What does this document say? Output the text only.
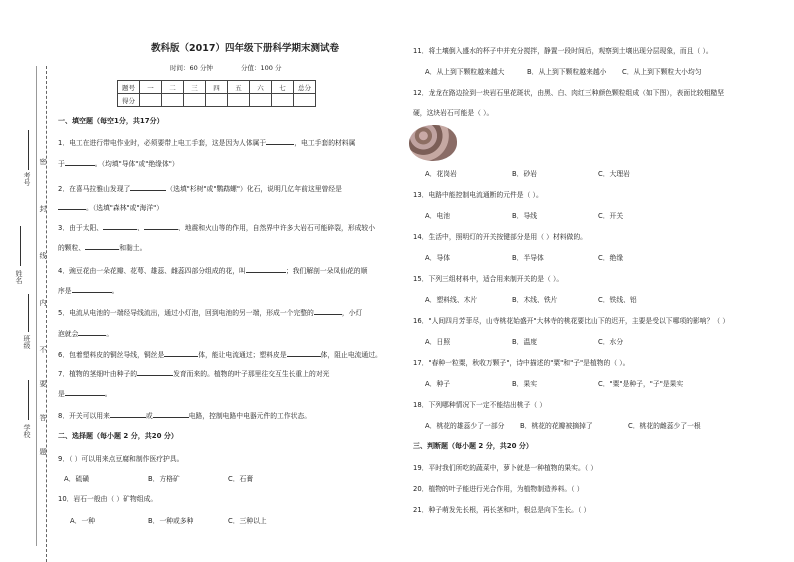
考号
姓名
班级
学校
密
封
线
内
不
要
答
题
教科版（2017）四年级下册科学期末测试卷
时间：60 分钟	分值：100 分
题号	一	二	三	四	五	六	七	总分
得分								
一、填空题（每空1分，共17分）
1．电工在进行带电作业时，必须要带上电工手套，这是因为人体属于	，电工手套的材料属
于	。（均填"导体"或"绝缘体"）
2．在喜马拉雅山发现了	（选填"杉树"或"鹦鹉螺"）化石，说明几亿年前这里曾经是
。（选填"森林"或"海洋"）
3．由于太阳、	、	、地震和火山等的作用，自然界中许多大岩石可能碎裂，形成较小
的颗粒、	和黏土。
4．豌豆花由一朵花瓣、花萼、雄蕊、雌蕊四部分组成的花，叫	；我们解剖一朵凤仙花的顺
序是	。
5．电流从电池的一端经导线流出，通过小灯泡，回到电池的另一端，形成一个完整的	，小灯
泡就会	。
6．包着塑料皮的铜丝导线，铜丝是	体，能让电流通过；塑料皮是	体，阻止电流通过。
7．植物的茎细叶由种子的	发育而来的。植物的叶子那里往交互生长重上的对光
是	。
8．开关可以用来	或	电路，控制电路中电器元件的工作状态。
二、选择题（每小题 2 分，共20 分）
9．（ ）可以用来点豆腐和制作医疗护具。
A．硫磺	B．方格矿	C．石膏
10．岩石一般由（ ）矿物组成。
A．一种	B．一种或多种	C．三种以上
11．将土壤倒入盛水的杯子中并充分搅拌，静置一段时间后，观察到土壤出现分层现象，而且（ ）。
A．从上到下颗粒越来越大	B．从上到下颗粒越来越小 C．从上到下颗粒大小均匀
12．龙龙在路边捡到一块岩石里花斑状，由黑、白、肉红三种颜色颗粒组成（如下图），表面比较粗糙坚
硬，这块岩石可能是（ ）。
A．花岗岩	B．砂岩	C．大理岩
13．电路中能控制电流通断的元件是（ ）。
A．电池	B．导线	C．开关
14．生活中，照明灯的开关按键部分是用（ ）材料做的。
A．导体	B．半导体	C．绝缘
15．下列三组材料中，适合用来制开关的是（ ）。
A．塑料线、木片	B．木线、铁片	C．铁线、铝
16．"人间四月芳菲尽，山寺桃花始盛开"大林寺的桃花要比山下的迟开，主要是受以下哪项的影响？（ ）
A．日照	B．温度	C．水分
17．"春种一粒粟，秋收万颗子"，诗中描述的"粟"和"子"是植物的（ ）。
A．种子	B．果实	C．"粟"是种子，"子"是果实
18．下列哪种情况下一定不能结出桃子（ ）
A．桃花的雄蕊少了一部分 B．桃花的花瓣被摘掉了	C．桃花的雌蕊少了一根
三、判断题（每小题 2 分，共20 分）
19．平时我们所吃的蔬菜中，萝卜就是一种植物的果实。（ ）
20．植物的叶子能进行光合作用，为植物制造养料。（ ）
21．种子萌发先长根，再长茎和叶，根总是向下生长。（ ）
